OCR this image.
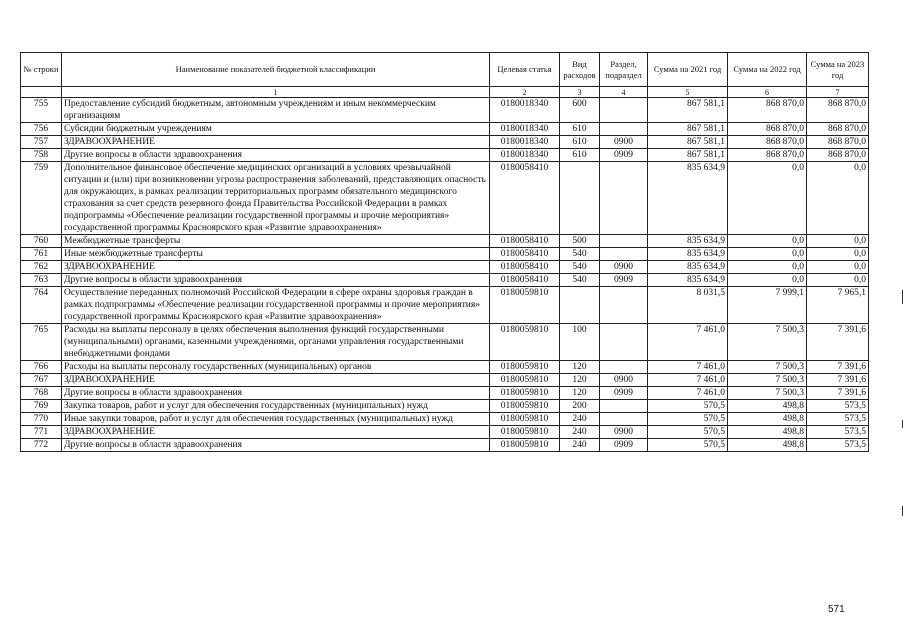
№ строки	Наименование показателей бюджетной классификации	Целевая статья	Вид расходов	Раздел, подраздел	Сумма на 2021 год	Сумма на 2022 год	Сумма на 2023 год
	1	2	3	4	5	6	7
755	Предоставление субсидий бюджетным, автономным учреждениям и иным некоммерческим организациям	0180018340	600		867 581,1	868 870,0	868 870,0
756	Субсидии бюджетным учреждениям	0180018340	610		867 581,1	868 870,0	868 870,0
757	ЗДРАВООХРАНЕНИЕ	0180018340	610	0900	867 581,1	868 870,0	868 870,0
758	Другие вопросы в области здравоохранения	0180018340	610	0909	867 581,1	868 870,0	868 870,0
759	Дополнительное финансовое обеспечение медицинских организаций в условиях чрезвычайной ситуации и (или) при возникновении угрозы распространения заболеваний, представляющих опасность для окружающих, в рамках реализации территориальных программ обязательного медицинского страхования за счет средств резервного фонда Правительства Российской Федерации в рамках подпрограммы «Обеспечение реализации государственной программы и прочие мероприятия» государственной программы Красноярского края «Развитие здравоохранения»	0180058410			835 634,9	0,0	0,0
760	Межбюджетные трансферты	0180058410	500		835 634,9	0,0	0,0
761	Иные межбюджетные трансферты	0180058410	540		835 634,9	0,0	0,0
762	ЗДРАВООХРАНЕНИЕ	0180058410	540	0900	835 634,9	0,0	0,0
763	Другие вопросы в области здравоохранения	0180058410	540	0909	835 634,9	0,0	0,0
764	Осуществление переданных полномочий Российской Федерации в сфере охраны здоровья граждан в рамках подпрограммы «Обеспечение реализации государственной программы и прочие мероприятия» государственной программы Красноярского края «Развитие здравоохранения»	0180059810			8 031,5	7 999,1	7 965,1
765	Расходы на выплаты персоналу в целях обеспечения выполнения функций государственными (муниципальными) органами, казенными учреждениями, органами управления государственными внебюджетными фондами	0180059810	100		7 461,0	7 500,3	7 391,6
766	Расходы на выплаты персоналу государственных (муниципальных) органов	0180059810	120		7 461,0	7 500,3	7 391,6
767	ЗДРАВООХРАНЕНИЕ	0180059810	120	0900	7 461,0	7 500,3	7 391,6
768	Другие вопросы в области здравоохранения	0180059810	120	0909	7 461,0	7 500,3	7 391,6
769	Закупка товаров, работ и услуг для обеспечения государственных (муниципальных) нужд	0180059810	200		570,5	498,8	573,5
770	Иные закупки товаров, работ и услуг для обеспечения государственных (муниципальных) нужд	0180059810	240		570,5	498,8	573,5
771	ЗДРАВООХРАНЕНИЕ	0180059810	240	0900	570,5	498,8	573,5
772	Другие вопросы в области здравоохранения	0180059810	240	0909	570,5	498,8	573,5
571
